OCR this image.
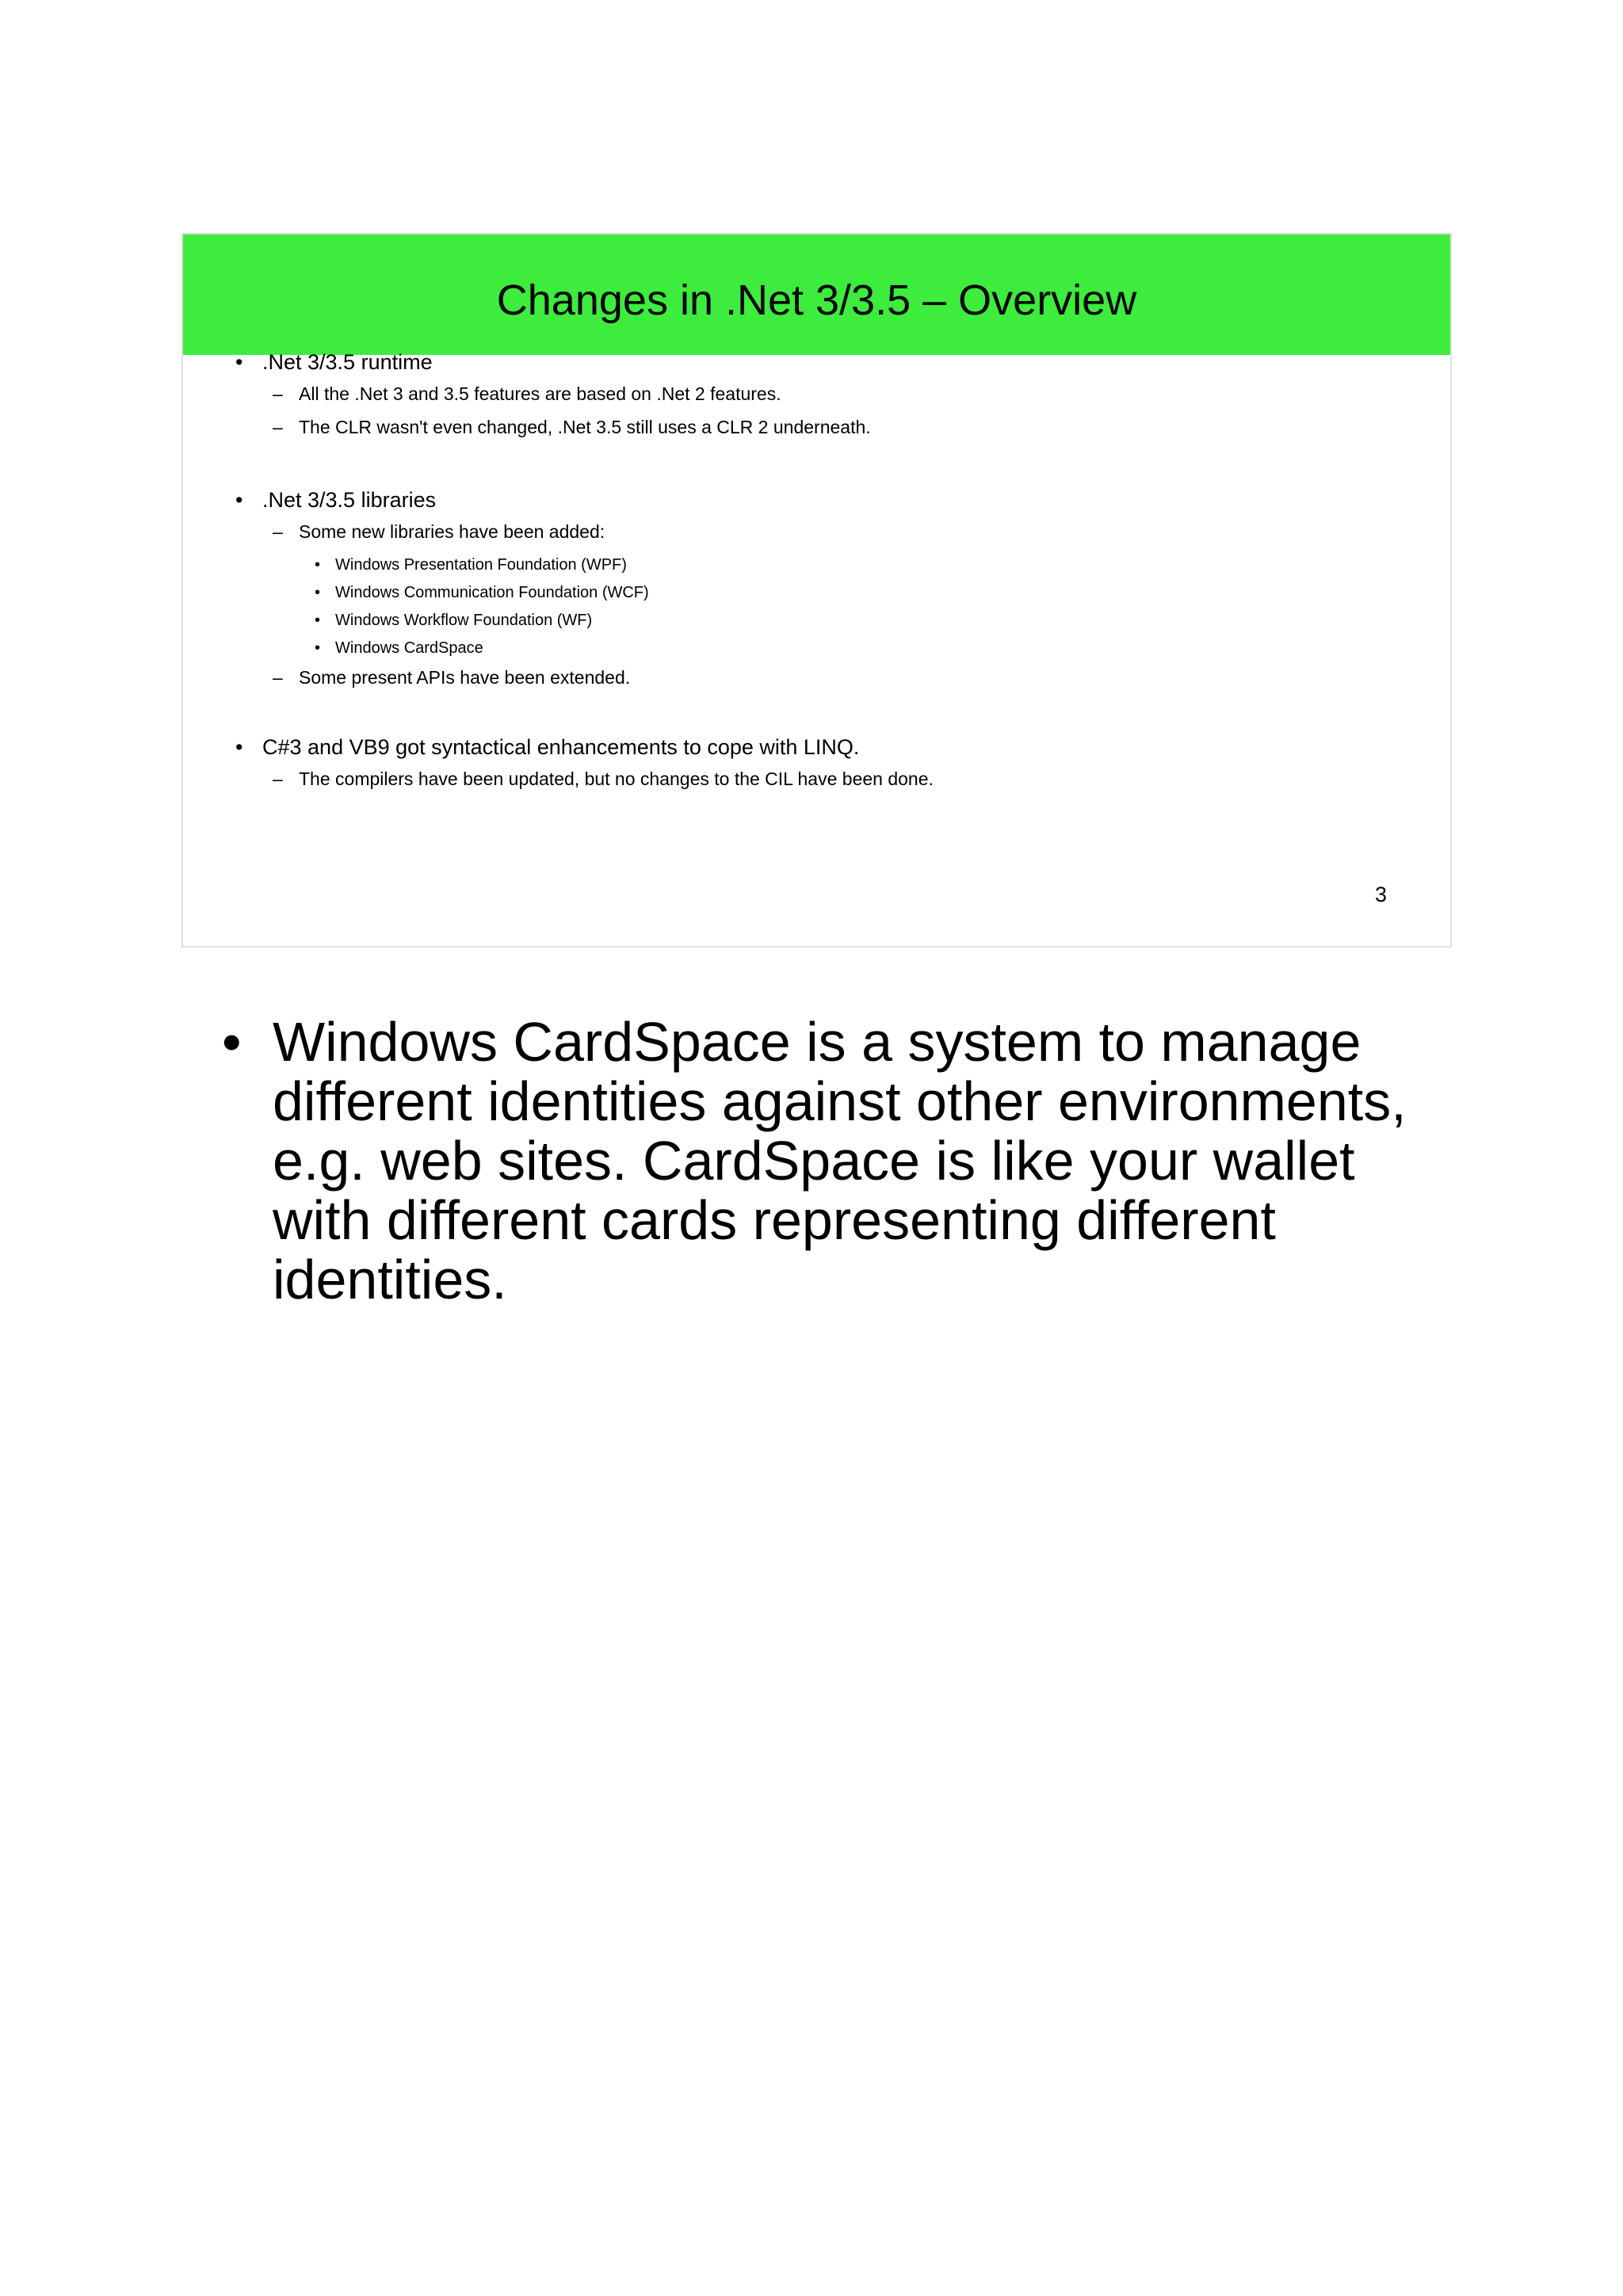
Changes in .Net 3/3.5 – Overview
• .Net 3/3.5 runtime
– All the .Net 3 and 3.5 features are based on .Net 2 features.
– The CLR wasn't even changed, .Net 3.5 still uses a CLR 2 underneath.
• .Net 3/3.5 libraries
– Some new libraries have been added:
• Windows Presentation Foundation (WPF)
• Windows Communication Foundation (WCF)
• Windows Workflow Foundation (WF)
• Windows CardSpace
– Some present APIs have been extended.
• C#3 and VB9 got syntactical enhancements to cope with LINQ.
– The compilers have been updated, but no changes to the CIL have been done.
3
• Windows CardSpace is a system to manage different identities against other environments, e.g. web sites. CardSpace is like your wallet with different cards representing different identities.
